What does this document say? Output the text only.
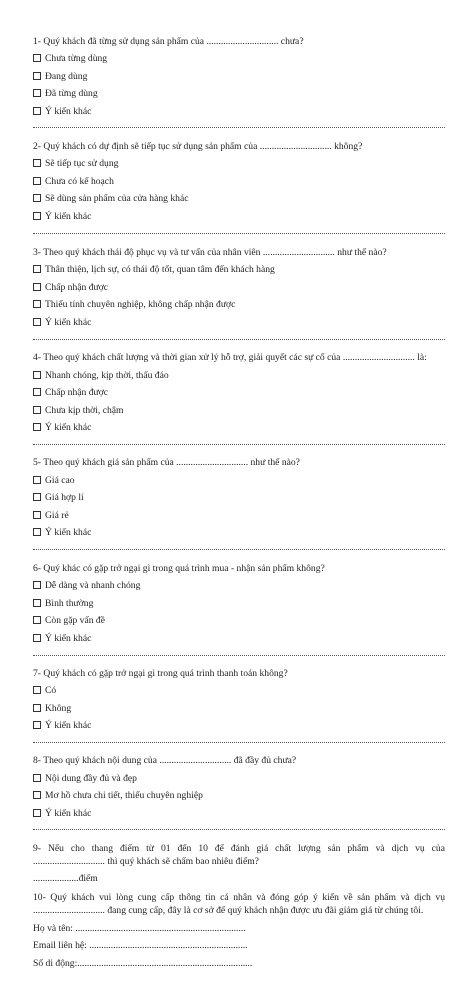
1- Quý khách đã từng sử dụng sản phẩm của .............................. chưa?
Chưa từng dùng
Đang dùng
Đã từng dùng
Ý kiến khác
2- Quý khách có dự định sẽ tiếp tục sử dụng sản phẩm của .............................. không?
Sẽ tiếp tục sử dụng
Chưa có kế hoạch
Sẽ dùng sản phẩm của cửa hàng khác
Ý kiến khác
3- Theo quý khách thái độ phục vụ và tư vấn của nhân viên .............................. như thế nào?
Thân thiện, lịch sự, có thái độ tốt, quan tâm đến khách hàng
Chấp nhận được
Thiếu tính chuyên nghiệp, không chấp nhận được
Ý kiến khác
4- Theo quý khách chất lượng và thời gian xử lý hỗ trợ, giải quyết các sự cố của .............................. là:
Nhanh chóng, kịp thời, thấu đáo
Chấp nhận được
Chưa kịp thời, chậm
Ý kiến khác
5- Theo quý khách giá sản phẩm của .............................. như thế nào?
Giá cao
Giá hợp lí
Giá rẻ
Ý kiến khác
6- Quý khác có gặp trở ngại gì trong quá trình mua - nhận sản phẩm không?
Dễ dàng và nhanh chóng
Bình thường
Còn gặp vấn đề
Ý kiến khác
7- Quý khách có gặp trở ngại gì trong quá trình thanh toán không?
Có
Không
Ý kiến khác
8- Theo quý khách nội dung của .............................. đã đầy đủ chưa?
Nội dung đầy đủ và đẹp
Mơ hồ chưa chi tiết, thiếu chuyên nghiệp
Ý kiến khác
9- Nếu cho thang điểm từ 01 đến 10 để đánh giá chất lượng sản phẩm và dịch vụ của
.............................. thì quý khách sẽ chấm bao nhiêu điểm?
...................điểm
10- Quý khách vui lòng cung cấp thông tin cá nhân và đóng góp ý kiến về sản phẩm và dịch vụ
.............................. đang cung cấp, đây là cơ sở để quý khách nhận được ưu đãi giảm giá từ chúng tôi.
Họ và tên: .......................................................................
Email liên hệ: ..................................................................
Số di động:.........................................................................
